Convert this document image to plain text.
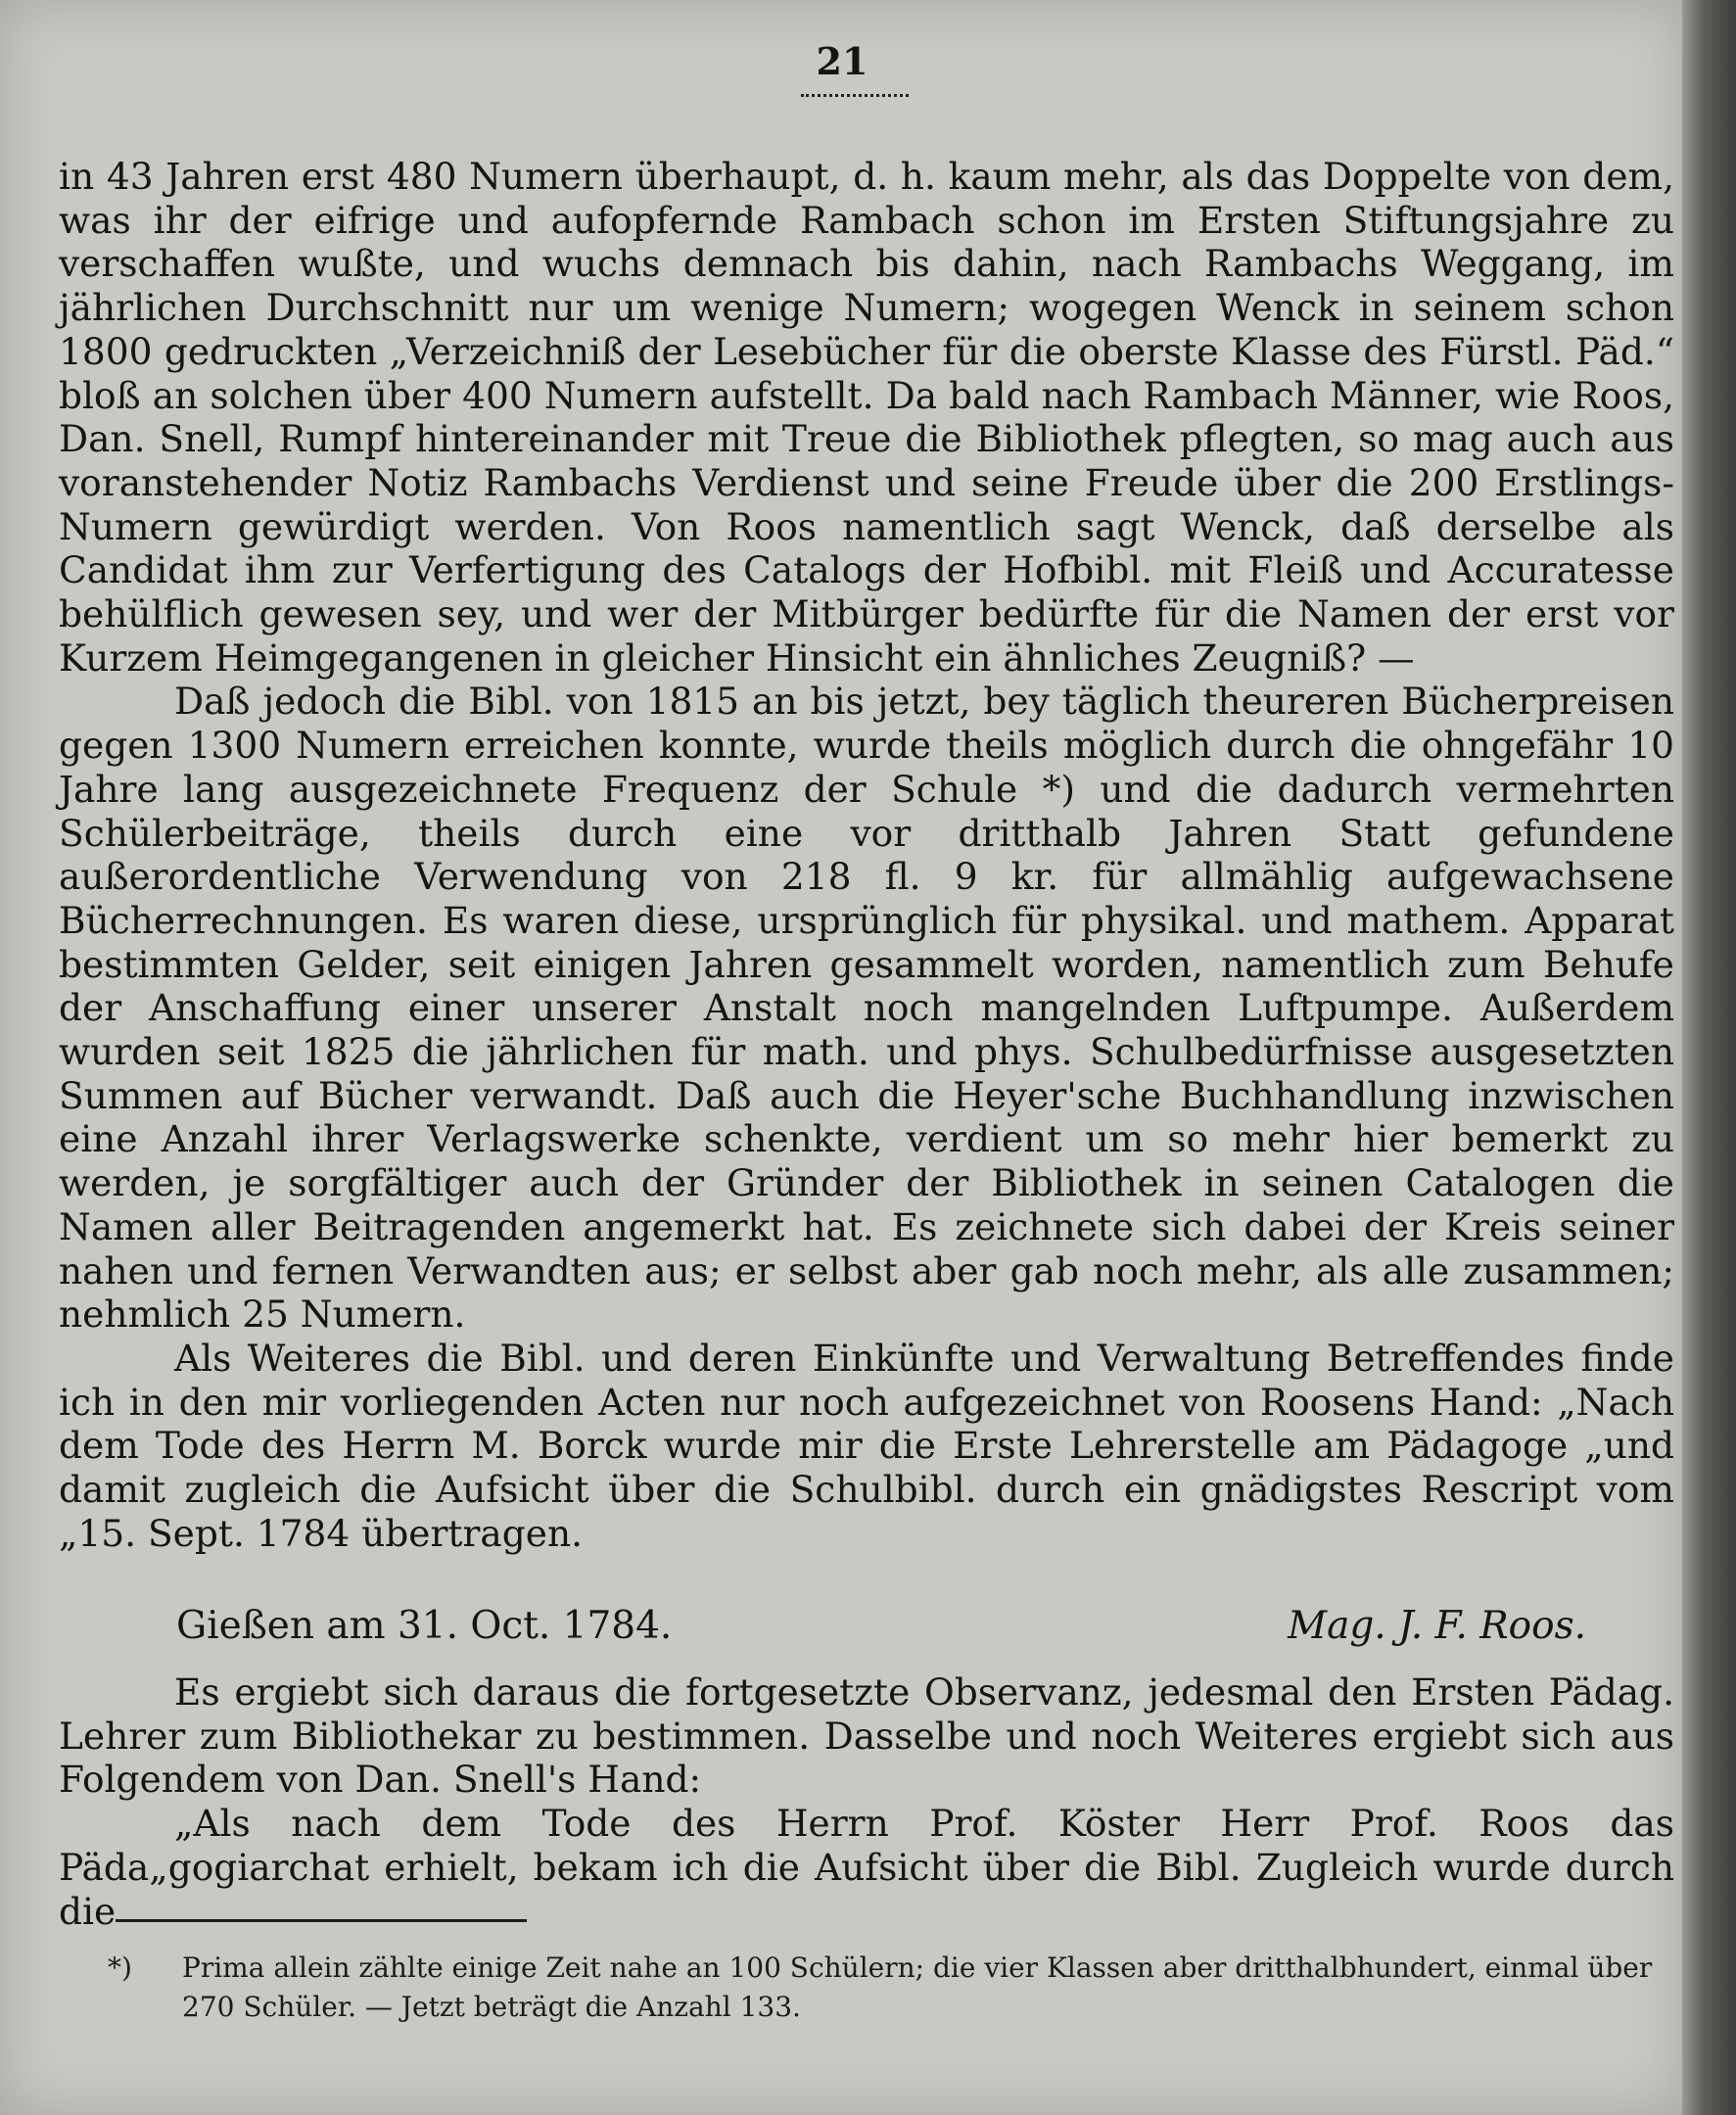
21

in 43 Jahren erst 480 Numern überhaupt, d. h. kaum mehr, als das Doppelte von dem, was ihr der eifrige und aufopfernde Rambach schon im Ersten Stiftungsjahre zu verschaffen wußte, und wuchs demnach bis dahin, nach Rambachs Weggang, im jährlichen Durchschnitt nur um wenige Numern; wogegen Wenck in seinem schon 1800 gedruckten „Verzeichniß der Lesebücher für die oberste Klasse des Fürstl. Päd.“ bloß an solchen über 400 Numern aufstellt. Da bald nach Rambach Männer, wie Roos, Dan. Snell, Rumpf hintereinander mit Treue die Bibliothek pflegten, so mag auch aus voranstehender Notiz Rambachs Verdienst und seine Freude über die 200 Erstlings-Numern gewürdigt werden. Von Roos namentlich sagt Wenck, daß derselbe als Candidat ihm zur Verfertigung des Catalogs der Hofbibl. mit Fleiß und Accuratesse behülflich gewesen sey, und wer der Mitbürger bedürfte für die Namen der erst vor Kurzem Heimgegangenen in gleicher Hinsicht ein ähnliches Zeugniß? —

Daß jedoch die Bibl. von 1815 an bis jetzt, bey täglich theureren Bücherpreisen gegen 1300 Numern erreichen konnte, wurde theils möglich durch die ohngefähr 10 Jahre lang ausgezeichnete Frequenz der Schule *) und die dadurch vermehrten Schülerbeiträge, theils durch eine vor dritthalb Jahren Statt gefundene außerordentliche Verwendung von 218 fl. 9 kr. für allmählig aufgewachsene Bücherrechnungen. Es waren diese, ursprünglich für physikal. und mathem. Apparat bestimmten Gelder, seit einigen Jahren gesammelt worden, namentlich zum Behufe der Anschaffung einer unserer Anstalt noch mangelnden Luftpumpe. Außerdem wurden seit 1825 die jährlichen für math. und phys. Schulbedürfnisse ausgesetzten Summen auf Bücher verwandt. Daß auch die Heyer'sche Buchhandlung inzwischen eine Anzahl ihrer Verlagswerke schenkte, verdient um so mehr hier bemerkt zu werden, je sorgfältiger auch der Gründer der Bibliothek in seinen Catalogen die Namen aller Beitragenden angemerkt hat. Es zeichnete sich dabei der Kreis seiner nahen und fernen Verwandten aus; er selbst aber gab noch mehr, als alle zusammen; nehmlich 25 Numern.

Als Weiteres die Bibl. und deren Einkünfte und Verwaltung Betreffendes finde ich in den mir vorliegenden Acten nur noch aufgezeichnet von Roosens Hand: „Nach dem Tode des Herrn M. Borck wurde mir die Erste Lehrerstelle am Pädagoge „und damit zugleich die Aufsicht über die Schulbibl. durch ein gnädigstes Rescript vom „15. Sept. 1784 übertragen.

Gießen am 31. Oct. 1784.	Mag. J. F. Roos.

Es ergiebt sich daraus die fortgesetzte Observanz, jedesmal den Ersten Pädag. Lehrer zum Bibliothekar zu bestimmen. Dasselbe und noch Weiteres ergiebt sich aus Folgendem von Dan. Snell's Hand:

„Als nach dem Tode des Herrn Prof. Köster Herr Prof. Roos das Päda„gogiarchat erhielt, bekam ich die Aufsicht über die Bibl. Zugleich wurde durch die

*) Prima allein zählte einige Zeit nahe an 100 Schülern; die vier Klassen aber dritthalbhundert, einmal über 270 Schüler. — Jetzt beträgt die Anzahl 133.
